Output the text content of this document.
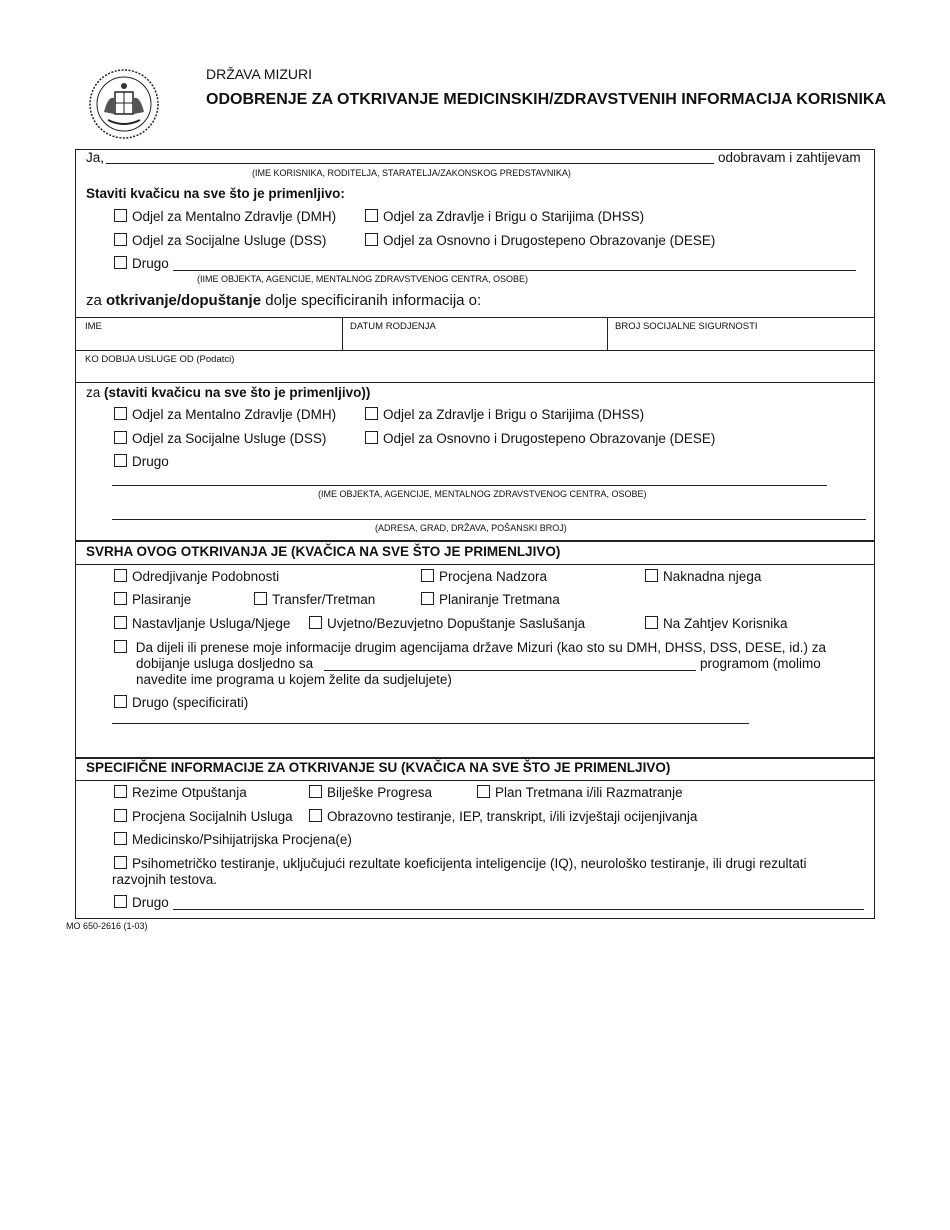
DRŽAVA MIZURI
ODOBRENJE ZA OTKRIVANJE MEDICINSKIH/ZDRAVSTVENIH INFORMACIJA KORISNIKA
Ja,	odobravam i zahtijevam
(IME KORISNIKA, RODITELJA, STARATELJA/ZAKONSKOG PREDSTAVNIKA)
Staviti kvačicu na sve što je primenljivo:
Odjel za Mentalno Zdravlje (DMH)	Odjel za Zdravlje i Brigu o Starijima (DHSS)
Odjel za Socijalne Usluge (DSS)	Odjel za Osnovno i Drugostepeno Obrazovanje (DESE)
Drugo
(IIME OBJEKTA, AGENCIJE, MENTALNOG ZDRAVSTVENOG CENTRA, OSOBE)
za otkrivanje/dopuštanje dolje specificiranih informacija o:
IME	DATUM RODJENJA	BROJ SOCIJALNE SIGURNOSTI
KO DOBIJA USLUGE OD (Podatci)
za (staviti kvačicu na sve što je primenljivo))
Odjel za Mentalno Zdravlje (DMH)	Odjel za Zdravlje i Brigu o Starijima (DHSS)
Odjel za Socijalne Usluge (DSS)	Odjel za Osnovno i Drugostepeno Obrazovanje (DESE)
Drugo
(IME OBJEKTA, AGENCIJE, MENTALNOG ZDRAVSTVENOG CENTRA, OSOBE)
(ADRESA, GRAD, DRŽAVA, POŠANSKI BROJ)
SVRHA OVOG OTKRIVANJA JE (KVAČICA NA SVE ŠTO JE PRIMENLJIVO)
Odredjivanje Podobnosti	Procjena Nadzora	Naknadna njega
Plasiranje	Transfer/Tretman	Planiranje Tretmana
Nastavljanje Usluga/Njege	Uvjetno/Bezuvjetno Dopuštanje Saslušanja	Na Zahtjev Korisnika
Da dijeli ili prenese moje informacije drugim agencijama države Mizuri (kao sto su DMH, DHSS, DSS, DESE, id.) za
dobijanje usluga dosljedno sa	programom (molimo
navedite ime programa u kojem želite da sudjelujete)
Drugo (specificirati)
SPECIFIČNE INFORMACIJE ZA OTKRIVANJE SU (KVAČICA NA SVE ŠTO JE PRIMENLJIVO)
Rezime Otpuštanja	Bilješke Progresa	Plan Tretmana i/ili Razmatranje
Procjena Socijalnih Usluga	Obrazovno testiranje, IEP, transkript, i/ili izvještaji ocijenjivanja
Medicinsko/Psihijatrijska Procjena(e)
Psihometričko testiranje, uključujući rezultate koeficijenta inteligencije (IQ), neurološko testiranje, ili drugi rezultati
razvojnih testova.
Drugo
MO 650-2616 (1-03)
